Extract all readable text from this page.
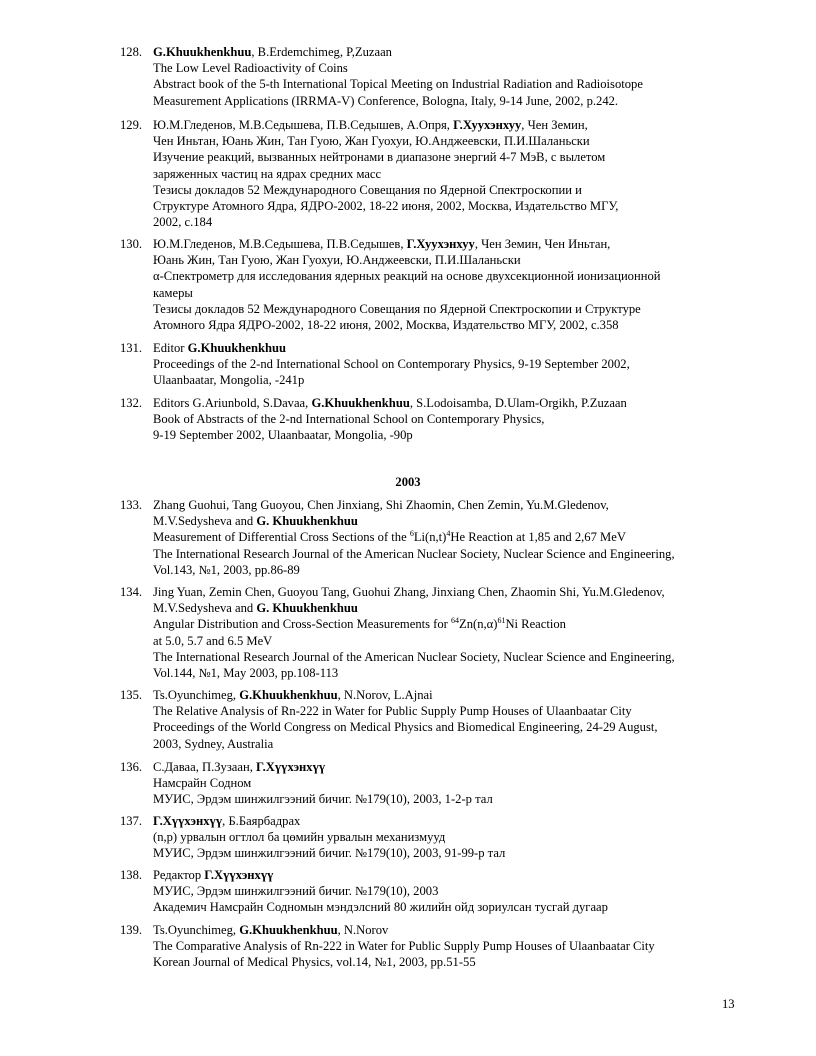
128. G.Khuukhenkhuu, B.Erdemchimeg, P,Zuzaan
The Low Level Radioactivity of Coins
Abstract book of the 5-th International Topical Meeting on Industrial Radiation and Radioisotope
Measurement Applications (IRRMA-V) Conference, Bologna, Italy, 9-14 June, 2002, p.242.
129. Ю.М.Гледенов, М.В.Седышева, П.В.Седышев, А.Опря, Г.Хуухэнхуу, Чен Земин,
Чен Иньтан, Юань Жин, Тан Гуою, Жан Гуохуи, Ю.Анджеевски, П.И.Шаланьски
Изучение реакций, вызванных нейтронами в диапазоне энергий 4-7 МэВ, с вылетом
заряженных частиц на ядрах средних масс
Тезисы докладов 52 Международного Совещания по Ядерной Спектроскопии и
Структуре Атомного Ядра, ЯДРО-2002, 18-22 июня, 2002, Москва, Издательство МГУ,
2002, с.184
130. Ю.М.Гледенов, М.В.Седышева, П.В.Седышев, Г.Хуухэнхуу, Чен Земин, Чен Иньтан,
Юань Жин, Тан Гуою, Жан Гуохуи, Ю.Анджеевски, П.И.Шаланьски
α-Спектрометр для исследования ядерных реакций на основе двухсекционной ионизационной
камеры
Тезисы докладов 52 Международного Совещания по Ядерной Спектроскопии и Структуре
Атомного Ядра ЯДРО-2002, 18-22 июня, 2002, Москва, Издательство МГУ, 2002, с.358
131. Editor G.Khuukhenkhuu
Proceedings of the 2-nd International School on Contemporary Physics, 9-19 September 2002,
Ulaanbaatar, Mongolia, -241p
132. Editors G.Ariunbold, S.Davaa, G.Khuukhenkhuu, S.Lodoisamba, D.Ulam-Orgikh, P.Zuzaan
Book of Abstracts of the 2-nd International School on Contemporary Physics,
9-19 September 2002, Ulaanbaatar, Mongolia, -90p
2003
133. Zhang Guohui, Tang Guoyou, Chen Jinxiang, Shi Zhaomin, Chen Zemin, Yu.M.Gledenov,
M.V.Sedysheva and G. Khuukhenkhuu
Measurement of Differential Cross Sections of the $^6Li(n,t)^4He$ Reaction at 1,85 and 2,67 MeV
The International Research Journal of the American Nuclear Society, Nuclear Science and Engineering,
Vol.143, №1, 2003, pp.86-89
134. Jing Yuan, Zemin Chen, Guoyou Tang, Guohui Zhang, Jinxiang Chen, Zhaomin Shi, Yu.M.Gledenov,
M.V.Sedysheva and G. Khuukhenkhuu
Angular Distribution and Cross-Section Measurements for $^{64}Zn(n,\alpha)^{61}Ni$ Reaction
at 5.0, 5.7 and 6.5 MeV
The International Research Journal of the American Nuclear Society, Nuclear Science and Engineering,
Vol.144, №1, May 2003, pp.108-113
135. Ts.Oyunchimeg, G.Khuukhenkhuu, N.Norov, L.Ajnai
The Relative Analysis of Rn-222 in Water for Public Supply Pump Houses of Ulaanbaatar City
Proceedings of the World Congress on Medical Physics and Biomedical Engineering, 24-29 August,
2003, Sydney, Australia
136. С.Даваа, П.Зузаан, Г.Хүүхэнхүү
Намсрайн Содном
МУИС, Эрдэм шинжилгээний бичиг. №179(10), 2003, 1-2-р тал
137. Г.Хүүхэнхүү, Б.Баярбадрах
(n,p) урвалын огтлол ба цөмийн урвалын механизмууд
МУИС, Эрдэм шинжилгээний бичиг. №179(10), 2003, 91-99-р тал
138. Редактор Г.Хүүхэнхүү
МУИС, Эрдэм шинжилгээний бичиг. №179(10), 2003
Академич Намсрайн Содномын мэндэлсний 80 жилийн ойд зориулсан тусгай дугаар
139. Ts.Oyunchimeg, G.Khuukhenkhuu, N.Norov
The Comparative Analysis of Rn-222 in Water for Public Supply Pump Houses of Ulaanbaatar City
Korean Journal of Medical Physics, vol.14, №1, 2003, pp.51-55
13
